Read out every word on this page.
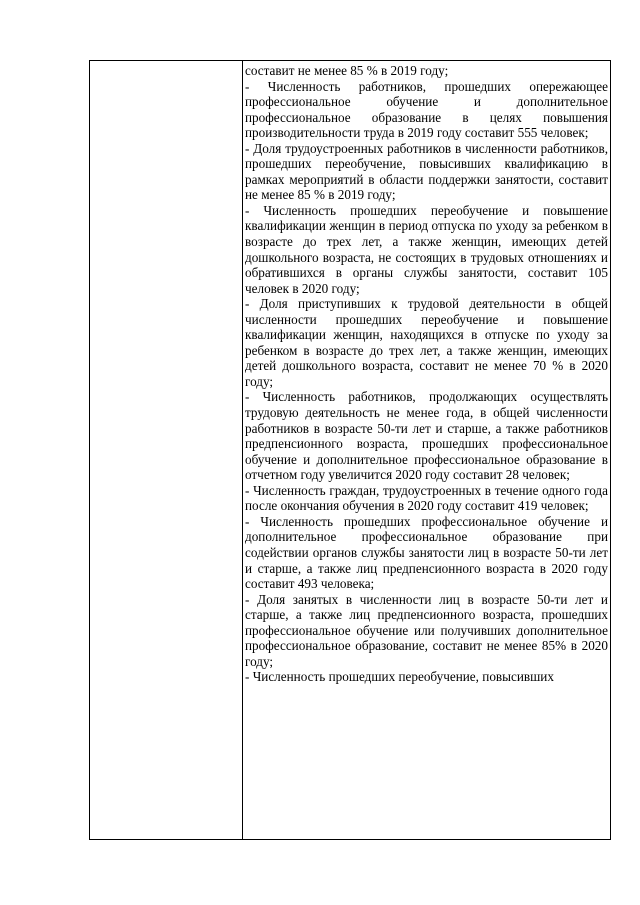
составит не менее 85 % в 2019 году;

- Численность работников, прошедших опережающее профессиональное обучение и дополнительное профессиональное образование в целях повышения производительности труда в 2019 году составит 555 человек;

- Доля трудоустроенных работников в численности работников, прошедших переобучение, повысивших квалификацию в рамках мероприятий в области поддержки занятости, составит не менее 85 % в 2019 году;

- Численность прошедших переобучение и повышение квалификации женщин в период отпуска по уходу за ребенком в возрасте до трех лет, а также женщин, имеющих детей дошкольного возраста, не состоящих в трудовых отношениях и обратившихся в органы службы занятости, составит 105 человек в 2020 году;

- Доля приступивших к трудовой деятельности в общей численности прошедших переобучение и повышение квалификации женщин, находящихся в отпуске по уходу за ребенком в возрасте до трех лет, а также женщин, имеющих детей дошкольного возраста, составит не менее 70 % в 2020 году;

- Численность работников, продолжающих осуществлять трудовую деятельность не менее года, в общей численности работников в возрасте 50-ти лет и старше, а также работников предпенсионного возраста, прошедших профессиональное обучение и дополнительное профессиональное образование в отчетном году увеличится 2020 году составит 28 человек;

- Численность граждан, трудоустроенных в течение одного года после окончания обучения в 2020 году составит 419 человек;

- Численность прошедших профессиональное обучение и дополнительное профессиональное образование при содействии органов службы занятости лиц в возрасте 50-ти лет и старше, а также лиц предпенсионного возраста в 2020 году составит 493 человека;

- Доля занятых в численности лиц в возрасте 50-ти лет и старше, а также лиц предпенсионного возраста, прошедших профессиональное обучение или получивших дополнительное профессиональное образование, составит не менее 85% в 2020 году;

- Численность прошедших переобучение, повысивших
